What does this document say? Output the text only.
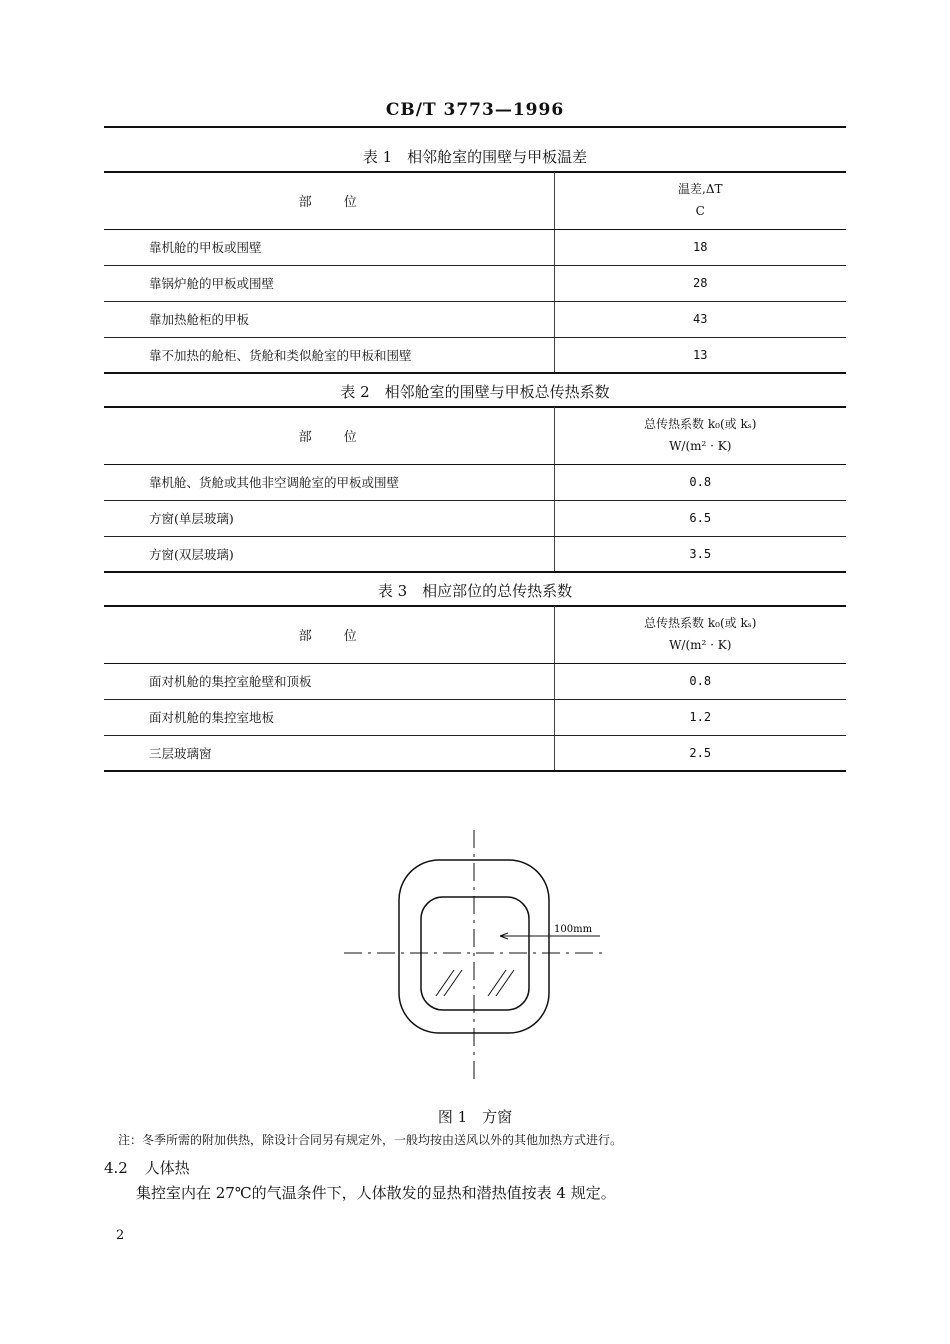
CB/T 3773—1996
表 1　相邻舱室的围壁与甲板温差
部　　位	温差,ΔT
C

靠机舱的甲板或围壁	18
靠锅炉舱的甲板或围壁	28
靠加热舱柜的甲板	43
靠不加热的舱柜、货舱和类似舱室的甲板和围壁	13
表 2　相邻舱室的围壁与甲板总传热系数
部　　位	总传热系数 k₀(或 kₛ)
W/(m² · K)

靠机舱、货舱或其他非空调舱室的甲板或围壁	0.8
方窗(单层玻璃)	6.5
方窗(双层玻璃)	3.5
表 3　相应部位的总传热系数
部　　位	总传热系数 k₀(或 kₛ)
W/(m² · K)

面对机舱的集控室舱壁和顶板	0.8
面对机舱的集控室地板	1.2
三层玻璃窗	2.5
100mm
图 1　方窗
注：冬季所需的附加供热，除设计合同另有规定外，一般均按由送风以外的其他加热方式进行。
4.2 人体热
集控室内在 27℃的气温条件下，人体散发的显热和潜热值按表 4 规定。
2
